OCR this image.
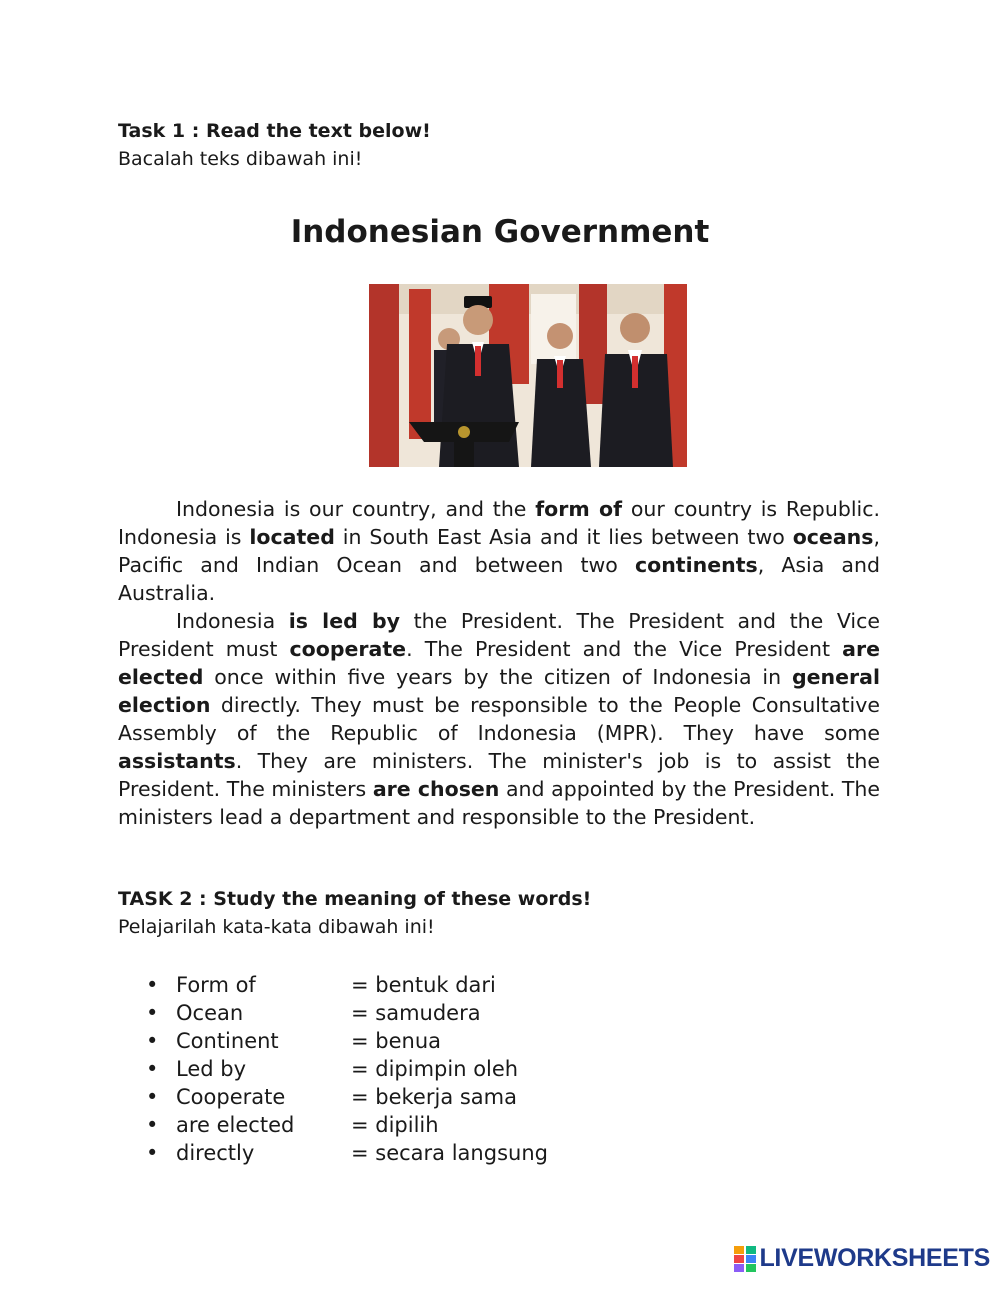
Task 1 : Read the text below!
Bacalah teks dibawah ini!
Indonesian Government

Indonesia is our country, and the form of our country is Republic. Indonesia is located in South East Asia and it lies between two oceans, Pacific and Indian Ocean and between two continents, Asia and Australia.

Indonesia is led by the President. The President and the Vice President must cooperate. The President and the Vice President are elected once within five years by the citizen of Indonesia in general election directly. They must be responsible to the People Consultative Assembly of the Republic of Indonesia (MPR). They have some assistants. They are ministers. The minister's job is to assist the President. The ministers are chosen and appointed by the President. The ministers lead a department and responsible to the President.

TASK 2 : Study the meaning of these words!
Pelajarilah kata-kata dibawah ini!
• Form of	= bentuk dari
• Ocean	= samudera
• Continent	= benua
• Led by	= dipimpin oleh
• Cooperate	= bekerja sama
• are elected	= dipilih
• directly	= secara langsung
LIVEWORKSHEETS
